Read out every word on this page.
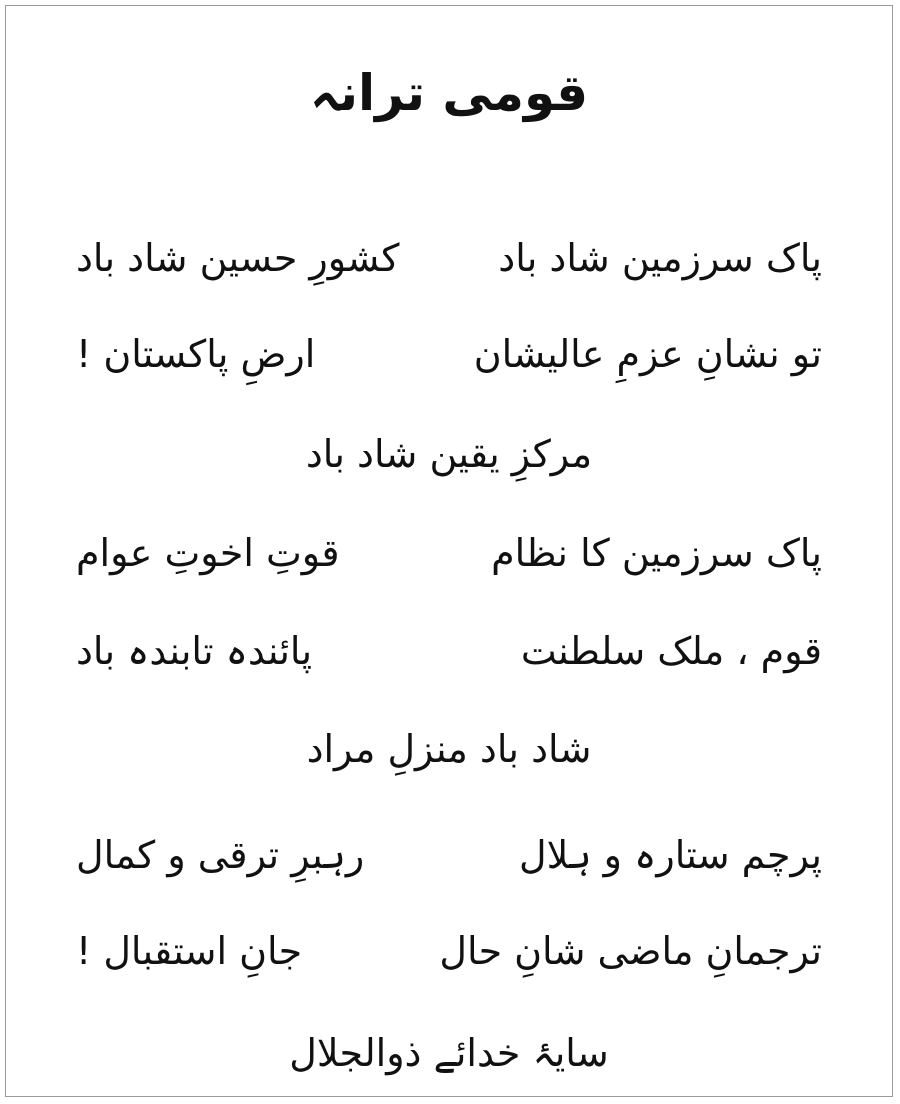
قومی ترانہ
پاک سرزمین شاد باد
کشورِ حسین شاد باد
تو نشانِ عزمِ عالیشان
ارضِ پاکستان !
مرکزِ یقین شاد باد
پاک سرزمین کا نظام
قوتِ اخوتِ عوام
قوم ، ملک سلطنت
پائندہ تابندہ باد
شاد باد منزلِ مراد
پرچم ستارہ و ہلال
رہبرِ ترقی و کمال
ترجمانِ ماضی شانِ حال
جانِ استقبال !
سایۂ خدائے ذوالجلال
